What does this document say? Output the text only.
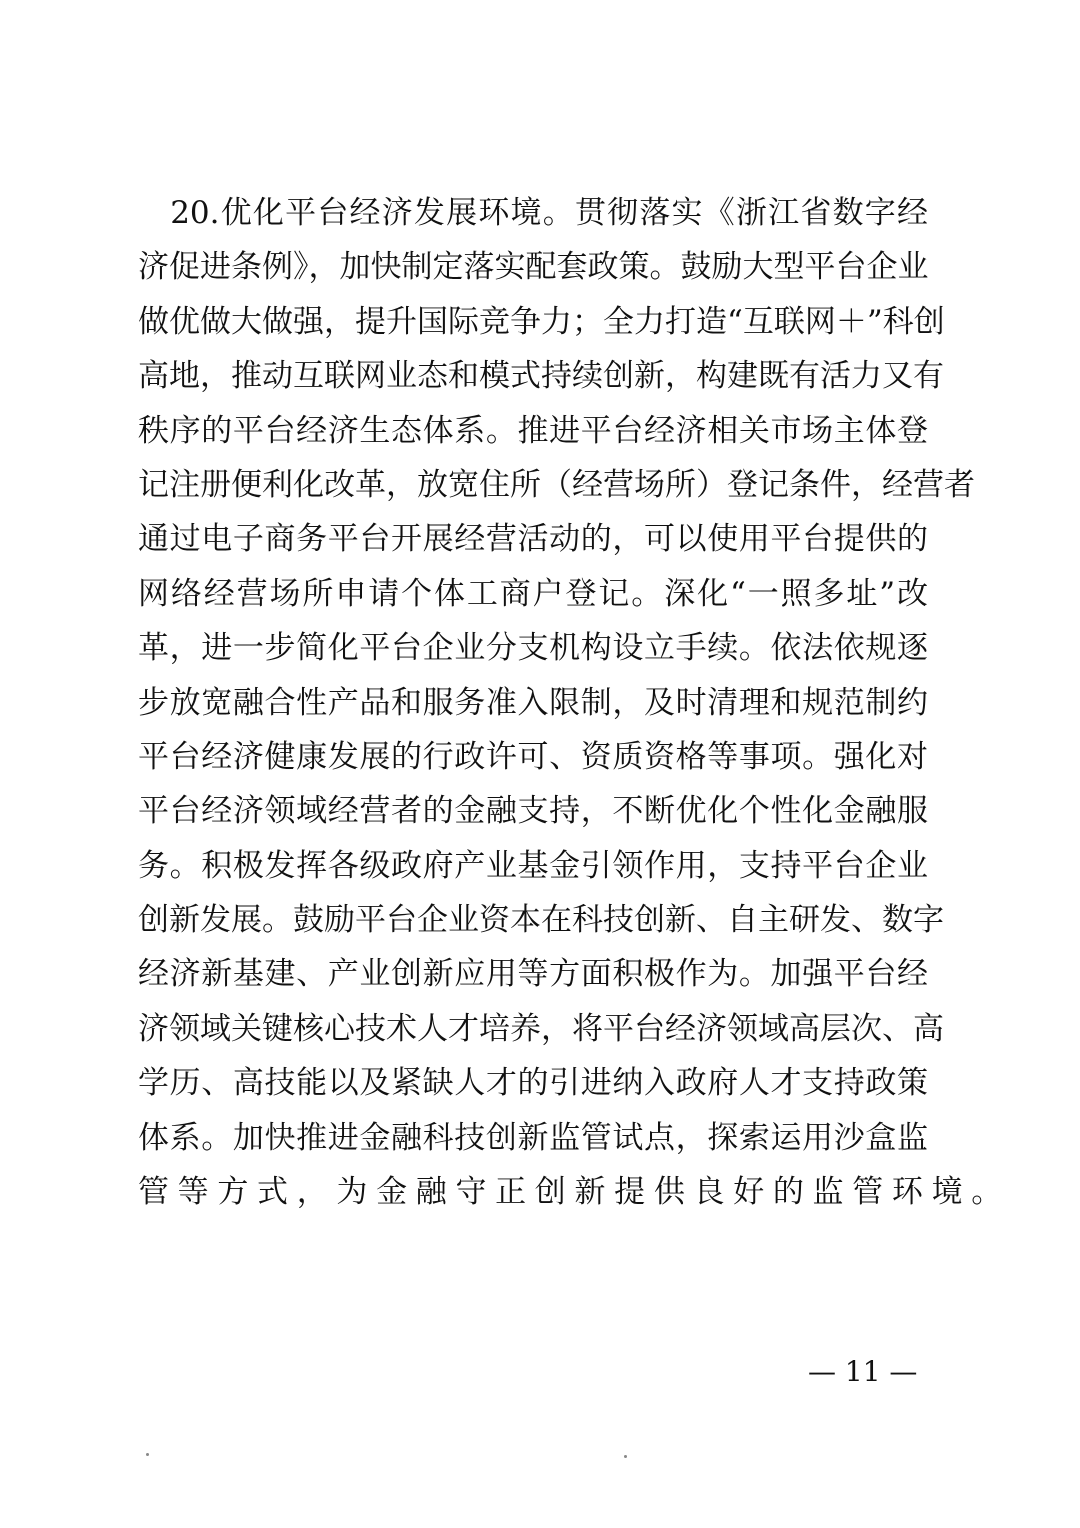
　20.优化平台经济发展环境。贯彻落实《浙江省数字经
济促进条例》，加快制定落实配套政策。鼓励大型平台企业
做优做大做强，提升国际竞争力；全力打造“互联网＋”科创
高地，推动互联网业态和模式持续创新，构建既有活力又有
秩序的平台经济生态体系。推进平台经济相关市场主体登
记注册便利化改革，放宽住所（经营场所）登记条件，经营者
通过电子商务平台开展经营活动的，可以使用平台提供的
网络经营场所申请个体工商户登记。深化“一照多址”改
革，进一步简化平台企业分支机构设立手续。依法依规逐
步放宽融合性产品和服务准入限制，及时清理和规范制约
平台经济健康发展的行政许可、资质资格等事项。强化对
平台经济领域经营者的金融支持，不断优化个性化金融服
务。积极发挥各级政府产业基金引领作用，支持平台企业
创新发展。鼓励平台企业资本在科技创新、自主研发、数字
经济新基建、产业创新应用等方面积极作为。加强平台经
济领域关键核心技术人才培养，将平台经济领域高层次、高
学历、高技能以及紧缺人才的引进纳入政府人才支持政策
体系。加快推进金融科技创新监管试点，探索运用沙盒监
管等方式，为金融守正创新提供良好的监管环境。
— 11 —
